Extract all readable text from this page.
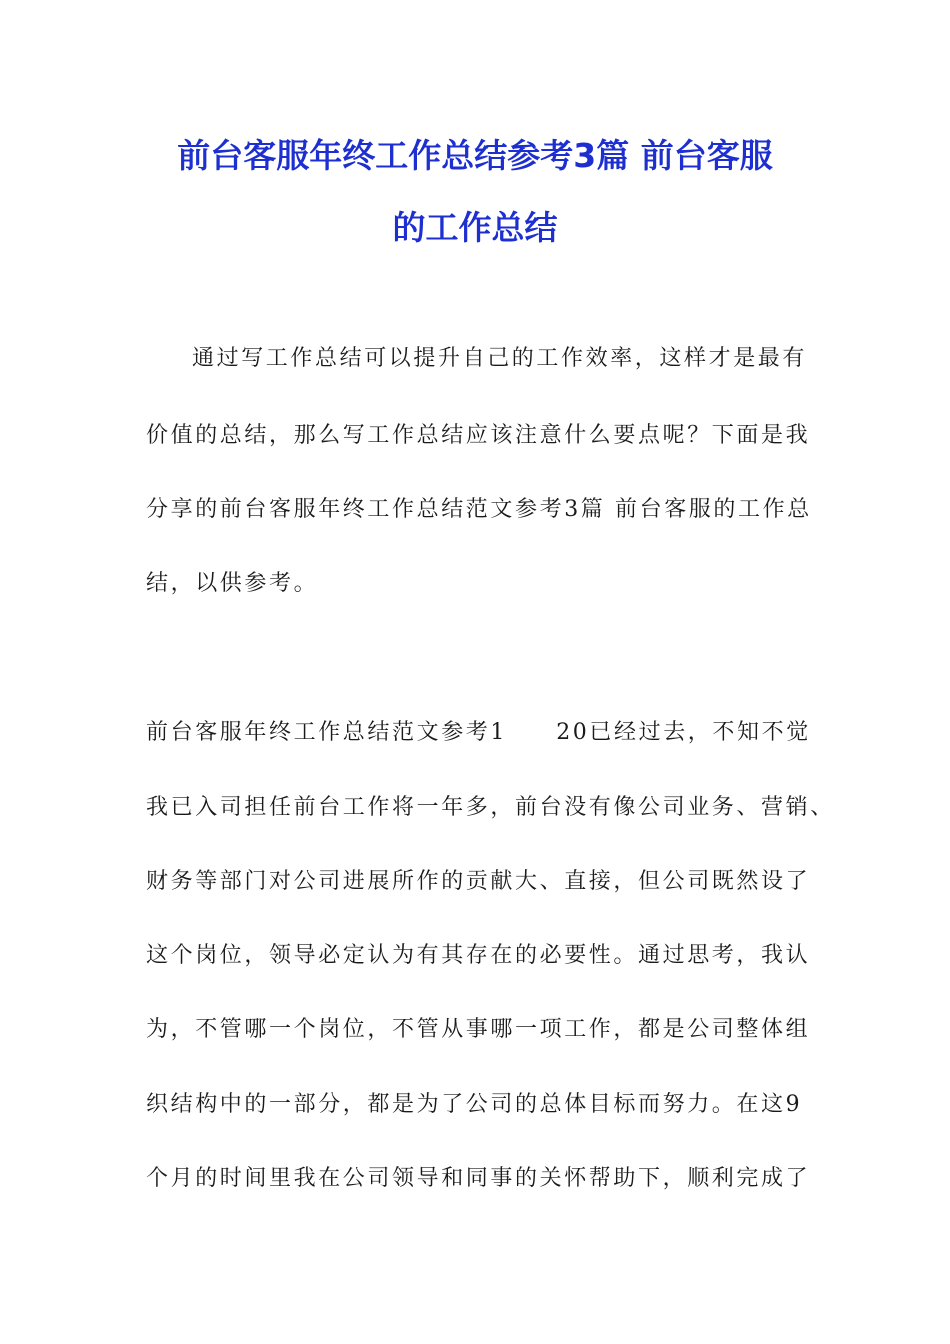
前台客服年终工作总结参考3篇 前台客服
的工作总结
通过写工作总结可以提升自己的工作效率，这样才是最有
价值的总结，那么写工作总结应该注意什么要点呢？下面是我
分享的前台客服年终工作总结范文参考3篇 前台客服的工作总
结，以供参考。
前台客服年终工作总结范文参考1　　20已经过去，不知不觉
我已入司担任前台工作将一年多，前台没有像公司业务、营销、
财务等部门对公司进展所作的贡献大、直接，但公司既然设了
这个岗位，领导必定认为有其存在的必要性。通过思考，我认
为，不管哪一个岗位，不管从事哪一项工作，都是公司整体组
织结构中的一部分，都是为了公司的总体目标而努力。在这9
个月的时间里我在公司领导和同事的关怀帮助下，顺利完成了
